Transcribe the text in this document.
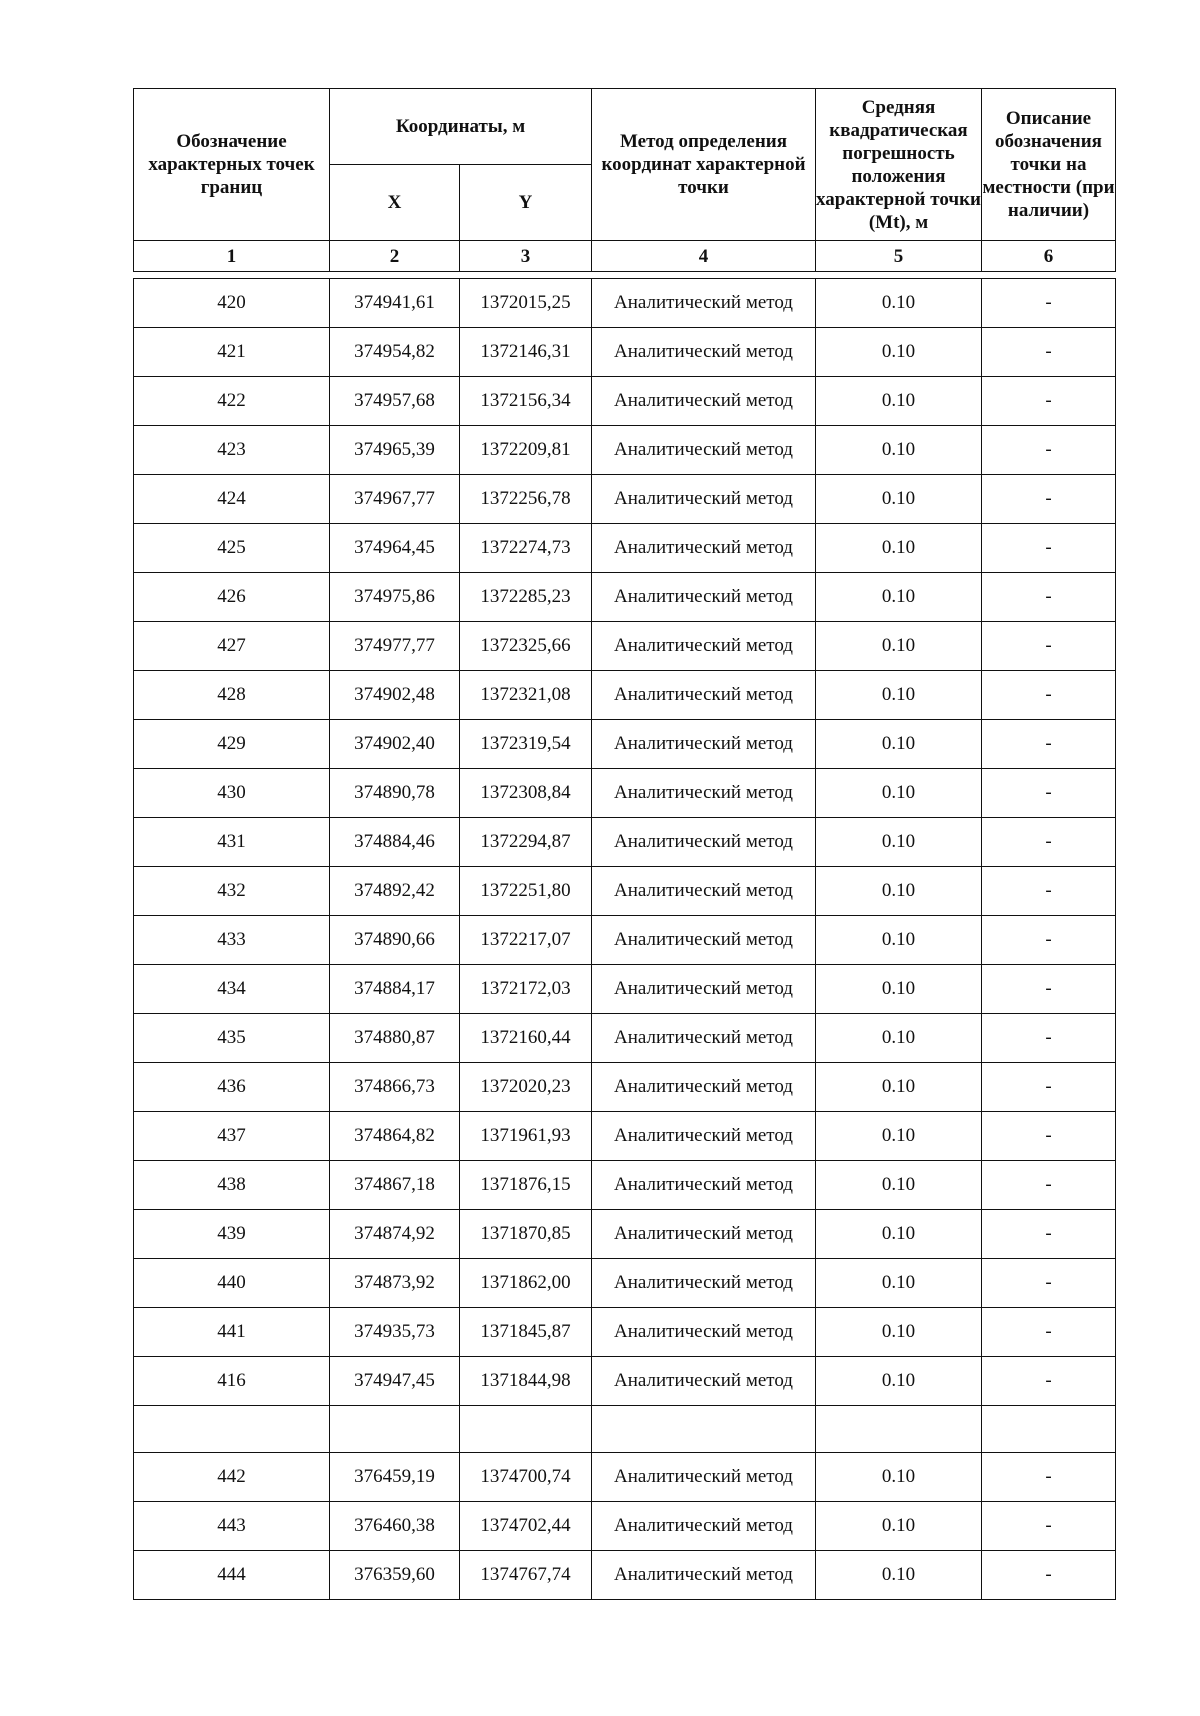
Обозначение характерных точек границ	Координаты, м		Метод определения координат характерной точки	Средняя квадратическая погрешность положения характерной точки (Mt), м	Описание обозначения точки на местности (при наличии)
	X	Y			
1	2	3	4	5	6

420	374941,61	1372015,25	Аналитический метод	0.10	-
421	374954,82	1372146,31	Аналитический метод	0.10	-
422	374957,68	1372156,34	Аналитический метод	0.10	-
423	374965,39	1372209,81	Аналитический метод	0.10	-
424	374967,77	1372256,78	Аналитический метод	0.10	-
425	374964,45	1372274,73	Аналитический метод	0.10	-
426	374975,86	1372285,23	Аналитический метод	0.10	-
427	374977,77	1372325,66	Аналитический метод	0.10	-
428	374902,48	1372321,08	Аналитический метод	0.10	-
429	374902,40	1372319,54	Аналитический метод	0.10	-
430	374890,78	1372308,84	Аналитический метод	0.10	-
431	374884,46	1372294,87	Аналитический метод	0.10	-
432	374892,42	1372251,80	Аналитический метод	0.10	-
433	374890,66	1372217,07	Аналитический метод	0.10	-
434	374884,17	1372172,03	Аналитический метод	0.10	-
435	374880,87	1372160,44	Аналитический метод	0.10	-
436	374866,73	1372020,23	Аналитический метод	0.10	-
437	374864,82	1371961,93	Аналитический метод	0.10	-
438	374867,18	1371876,15	Аналитический метод	0.10	-
439	374874,92	1371870,85	Аналитический метод	0.10	-
440	374873,92	1371862,00	Аналитический метод	0.10	-
441	374935,73	1371845,87	Аналитический метод	0.10	-
416	374947,45	1371844,98	Аналитический метод	0.10	-

442	376459,19	1374700,74	Аналитический метод	0.10	-
443	376460,38	1374702,44	Аналитический метод	0.10	-
444	376359,60	1374767,74	Аналитический метод	0.10	-
